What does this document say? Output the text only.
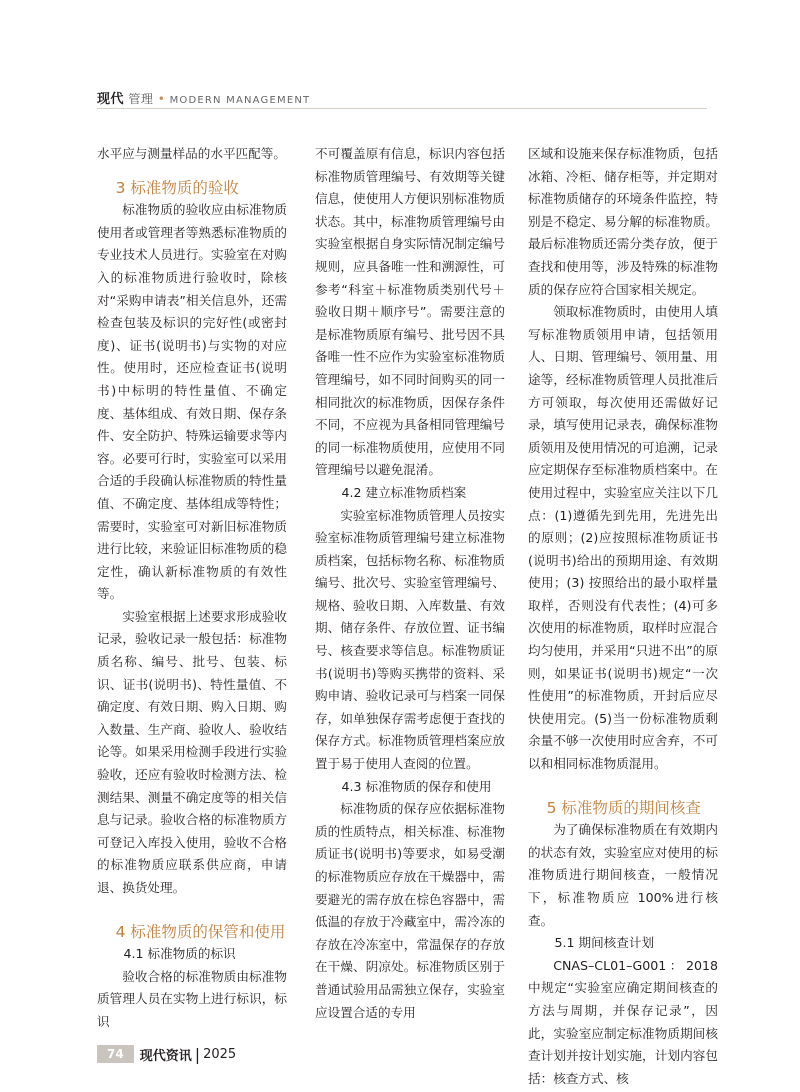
现代 管理 • MODERN MANAGEMENT

水平应与测量样品的水平匹配等。

3 标准物质的验收

标准物质的验收应由标准物质使用者或管理者等熟悉标准物质的专业技术人员进行。实验室在对购入的标准物质进行验收时，除核对“采购申请表”相关信息外，还需检查包装及标识的完好性(或密封度)、证书(说明书)与实物的对应性。使用时，还应检查证书(说明书)中标明的特性量值、不确定度、基体组成、有效日期、保存条件、安全防护、特殊运输要求等内容。必要可行时，实验室可以采用合适的手段确认标准物质的特性量值、不确定度、基体组成等特性；需要时，实验室可对新旧标准物质进行比较，来验证旧标准物质的稳定性，确认新标准物质的有效性等。

实验室根据上述要求形成验收记录，验收记录一般包括：标准物质名称、编号、批号、包装、标识、证书(说明书)、特性量值、不确定度、有效日期、购入日期、购入数量、生产商、验收人、验收结论等。如果采用检测手段进行实验验收，还应有验收时检测方法、检测结果、测量不确定度等的相关信息与记录。验收合格的标准物质方可登记入库投入使用，验收不合格的标准物质应联系供应商，申请退、换货处理。

4 标准物质的保管和使用

4.1 标准物质的标识

验收合格的标准物质由标准物质管理人员在实物上进行标识，标识

不可覆盖原有信息，标识内容包括标准物质管理编号、有效期等关键信息，使使用人方便识别标准物质状态。其中，标准物质管理编号由实验室根据自身实际情况制定编号规则，应具备唯一性和溯源性，可参考“科室＋标准物质类别代号＋验收日期＋顺序号”。需要注意的是标准物质原有编号、批号因不具备唯一性不应作为实验室标准物质管理编号，如不同时间购买的同一相同批次的标准物质，因保存条件不同，不应视为具备相同管理编号的同一标准物质使用，应使用不同管理编号以避免混淆。

4.2 建立标准物质档案

实验室标准物质管理人员按实验室标准物质管理编号建立标准物质档案，包括标物名称、标准物质编号、批次号、实验室管理编号、规格、验收日期、入库数量、有效期、储存条件、存放位置、证书编号、核查要求等信息。标准物质证书(说明书)等购买携带的资料、采购申请、验收记录可与档案一同保存，如单独保存需考虑便于查找的保存方式。标准物质管理档案应放置于易于使用人查阅的位置。

4.3 标准物质的保存和使用

标准物质的保存应依据标准物质的性质特点，相关标准、标准物质证书(说明书)等要求，如易受潮的标准物质应存放在干燥器中，需要避光的需存放在棕色容器中，需低温的存放于冷藏室中，需冷冻的存放在冷冻室中，常温保存的存放在干燥、阴凉处。标准物质区别于普通试验用品需独立保存，实验室应设置合适的专用

区域和设施来保存标准物质，包括冰箱、冷柜、储存柜等，并定期对标准物质储存的环境条件监控，特别是不稳定、易分解的标准物质。最后标准物质还需分类存放，便于查找和使用等，涉及特殊的标准物质的保存应符合国家相关规定。

领取标准物质时，由使用人填写标准物质领用申请，包括领用人、日期、管理编号、领用量、用途等，经标准物质管理人员批准后方可领取，每次使用还需做好记录，填写使用记录表，确保标准物质领用及使用情况的可追溯，记录应定期保存至标准物质档案中。在使用过程中，实验室应关注以下几点：(1)遵循先到先用，先进先出的原则；(2)应按照标准物质证书(说明书)给出的预期用途、有效期使用；(3) 按照给出的最小取样量取样，否则没有代表性；(4)可多次使用的标准物质，取样时应混合均匀使用，并采用“只进不出”的原则，如果证书(说明书)规定“一次性使用”的标准物质，开封后应尽快使用完。(5)当一份标准物质剩余量不够一次使用时应舍弃，不可以和相同标准物质混用。

5 标准物质的期间核查

为了确保标准物质在有效期内的状态有效，实验室应对使用的标准物质进行期间核查，一般情况下，标准物质应 100%进行核查。

5.1 期间核查计划

CNAS–CL01–G001：2018 中规定“实验室应确定期间核查的方法与周期，并保存记录”，因此，实验室应制定标准物质期间核查计划并按计划实施，计划内容包括：核查方式、核

74	现代资讯 | 2025
